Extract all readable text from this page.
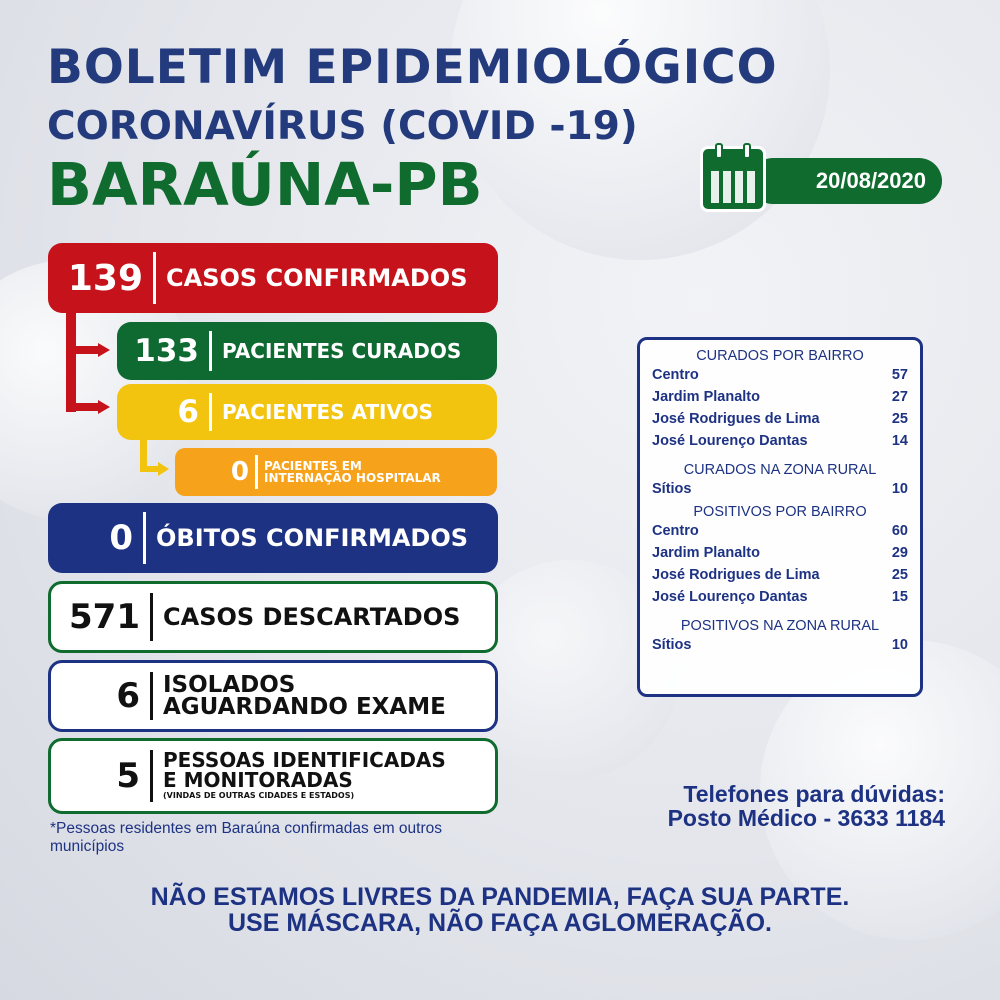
BOLETIM EPIDEMIOLÓGICO
CORONAVÍRUS (COVID -19)
BARAÚNA-PB	20/08/2020
139 CASOS CONFIRMADOS
133 PACIENTES CURADOS
6 PACIENTES ATIVOS
0 PACIENTES EM
INTERNAÇÃO HOSPITALAR
0 ÓBITOS CONFIRMADOS
571 CASOS DESCARTADOS
6 ISOLADOS
AGUARDANDO EXAME
5 PESSOAS IDENTIFICADAS
E MONITORADAS
(VINDAS DE OUTRAS CIDADES E ESTADOS)
*Pessoas residentes em Baraúna confirmadas em outros municípios
CURADOS POR BAIRRO
Centro	57
Jardim Planalto	27
José Rodrigues de Lima	25
José Lourenço Dantas	14
CURADOS NA ZONA RURAL
Sítios	10
POSITIVOS POR BAIRRO
Centro	60
Jardim Planalto	29
José Rodrigues de Lima	25
José Lourenço Dantas	15
POSITIVOS NA ZONA RURAL
Sítios	10
Telefones para dúvidas:
Posto Médico - 3633 1184
NÃO ESTAMOS LIVRES DA PANDEMIA, FAÇA SUA PARTE.
USE MÁSCARA, NÃO FAÇA AGLOMERAÇÃO.
